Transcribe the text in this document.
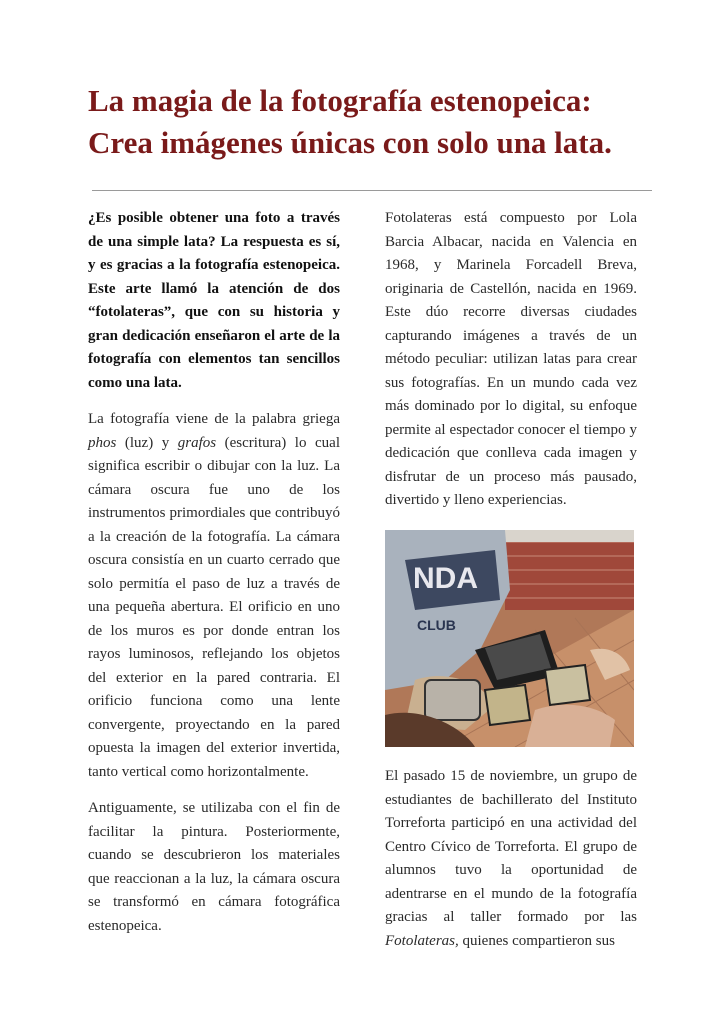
La magia de la fotografía estenopeica:
Crea imágenes únicas con solo una lata.

¿Es posible obtener una foto a través de una simple lata? La respuesta es sí, y es gracias a la fotografía estenopeica. Este arte llamó la atención de dos “fotolateras”, que con su historia y gran dedicación enseñaron el arte de la fotografía con elementos tan sencillos como una lata.

La fotografía viene de la palabra griega phos (luz) y grafos (escritura) lo cual significa escribir o dibujar con la luz. La cámara oscura fue uno de los instrumentos primordiales que contribuyó a la creación de la fotografía. La cámara oscura consistía en un cuarto cerrado que solo permitía el paso de luz a través de una pequeña abertura. El orificio en uno de los muros es por donde entran los rayos luminosos, reflejando los objetos del exterior en la pared contraria. El orificio funciona como una lente convergente, proyectando en la pared opuesta la imagen del exterior invertida, tanto vertical como horizontalmente.

Antiguamente, se utilizaba con el fin de facilitar la pintura. Posteriormente, cuando se descubrieron los materiales que reaccionan a la luz, la cámara oscura se transformó en cámara fotográfica estenopeica.

Fotolateras está compuesto por Lola Barcia Albacar, nacida en Valencia en 1968, y Marinela Forcadell Breva, originaria de Castellón, nacida en 1969. Este dúo recorre diversas ciudades capturando imágenes a través de un método peculiar: utilizan latas para crear sus fotografías. En un mundo cada vez más dominado por lo digital, su enfoque permite al espectador conocer el tiempo y dedicación que conlleva cada imagen y disfrutar de un proceso más pausado, divertido y lleno experiencias.

NDA
CLUB

El pasado 15 de noviembre, un grupo de estudiantes de bachillerato del Instituto Torreforta participó en una actividad del Centro Cívico de Torreforta. El grupo de alumnos tuvo la oportunidad de adentrarse en el mundo de la fotografía gracias al taller formado por las Fotolateras, quienes compartieron sus
